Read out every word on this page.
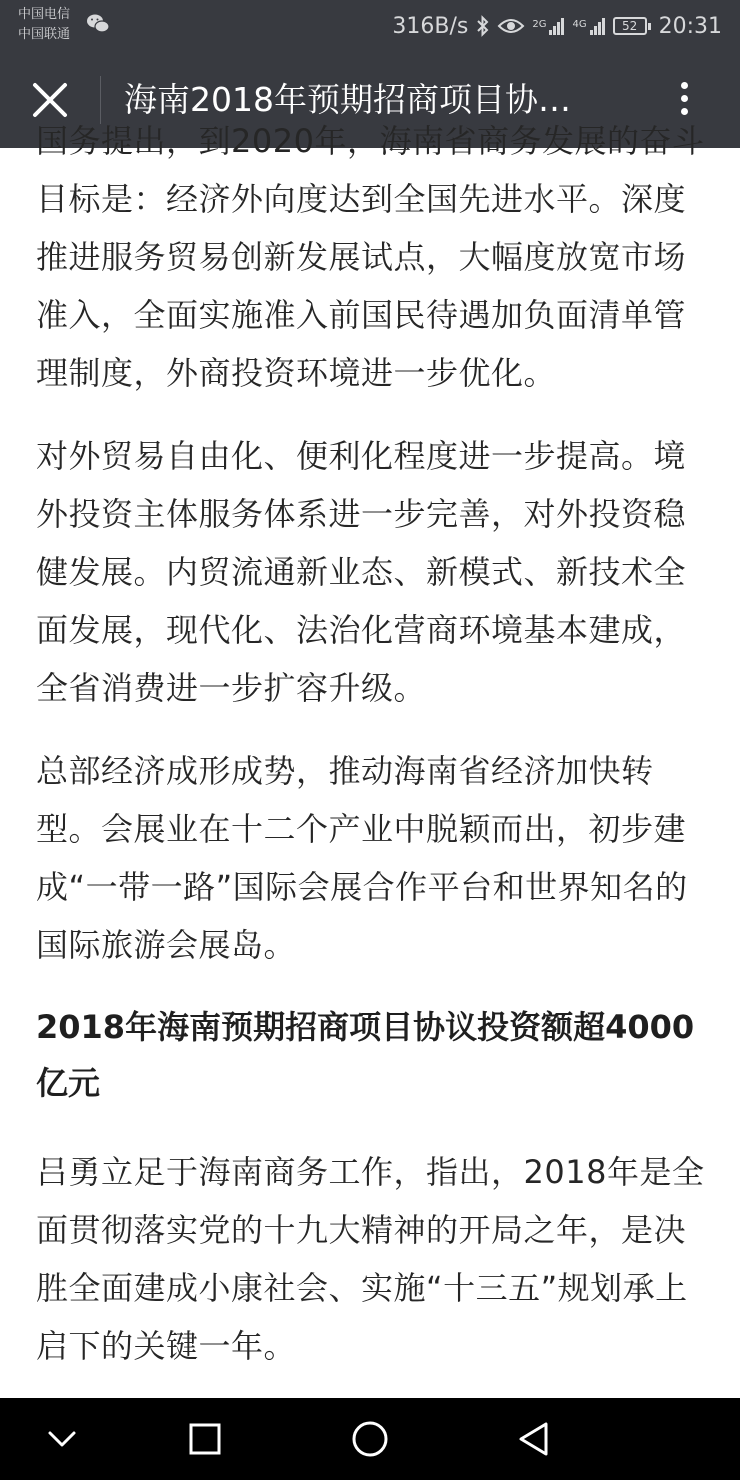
中国电信
中国联通	316B/s	2G	4G	52 20:31
海南2018年预期招商项目协…

国务提出，到2020年，海南省商务发展的奋斗目标是：经济外向度达到全国先进水平。深度推进服务贸易创新发展试点，大幅度放宽市场准入，全面实施准入前国民待遇加负面清单管理制度，外商投资环境进一步优化。

对外贸易自由化、便利化程度进一步提高。境外投资主体服务体系进一步完善，对外投资稳健发展。内贸流通新业态、新模式、新技术全面发展，现代化、法治化营商环境基本建成，全省消费进一步扩容升级。

总部经济成形成势，推动海南省经济加快转型。会展业在十二个产业中脱颖而出，初步建成“一带一路”国际会展合作平台和世界知名的国际旅游会展岛。

2018年海南预期招商项目协议投资额超4000亿元

吕勇立足于海南商务工作，指出，2018年是全面贯彻落实党的十九大精神的开局之年，是决胜全面建成小康社会、实施“十三五”规划承上启下的关键一年。
